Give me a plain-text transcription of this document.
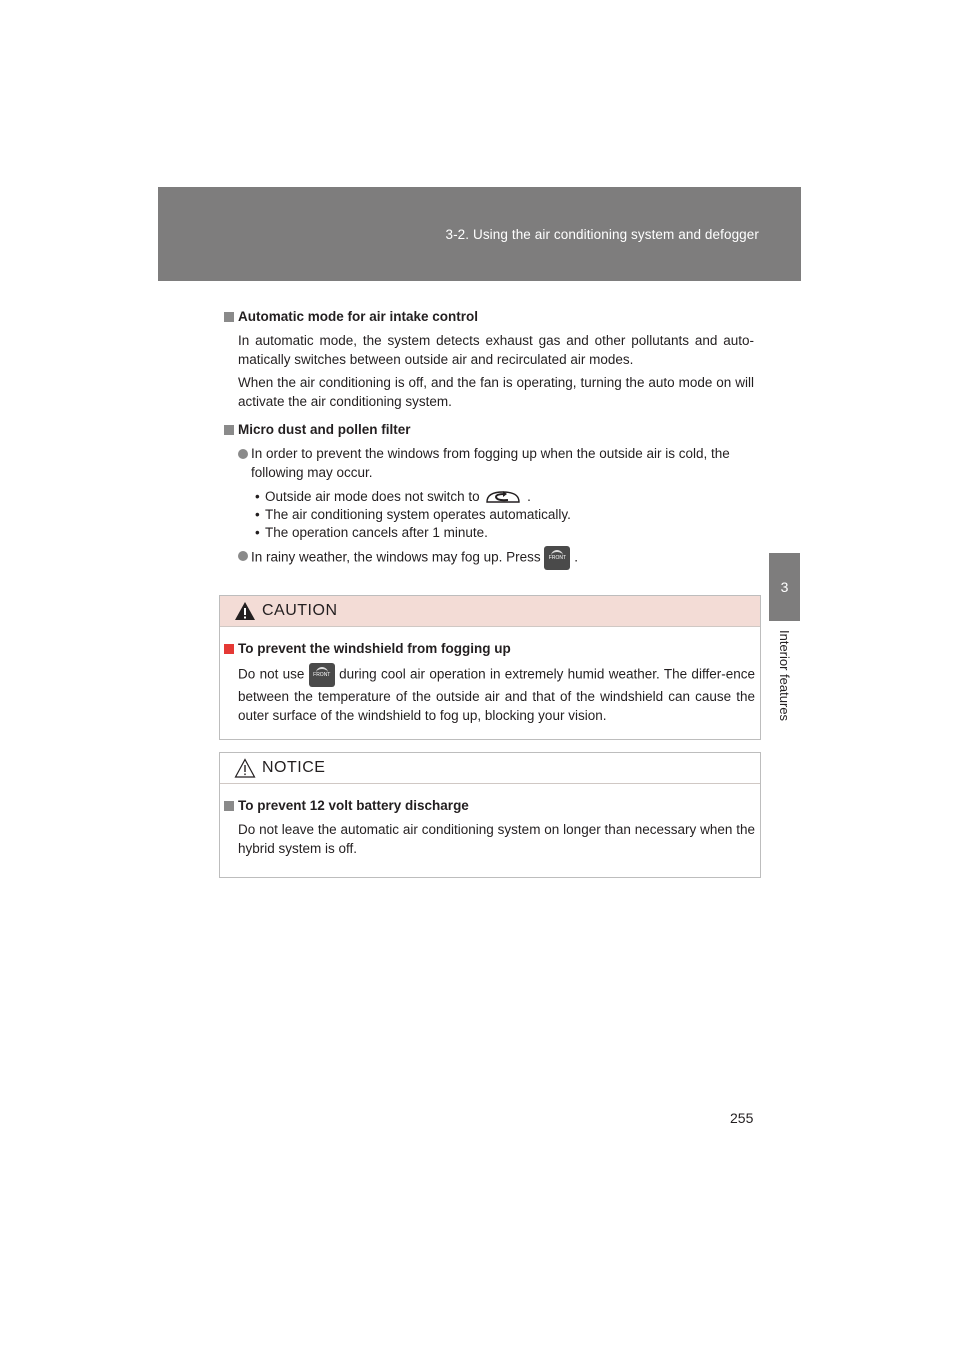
3-2. Using the air conditioning system and defogger
3
Interior features
Automatic mode for air intake control
In automatic mode, the system detects exhaust gas and other pollutants and auto-matically switches between outside air and recirculated air modes.
When the air conditioning is off, and the fan is operating, turning the auto mode on will activate the air conditioning system.
Micro dust and pollen filter
In order to prevent the windows from fogging up when the outside air is cold, the following may occur.
• Outside air mode does not switch to	.
• The air conditioning system operates automatically.
• The operation cancels after 1 minute.
In rainy weather, the windows may fog up. Press	FRONT .
CAUTION
To prevent the windshield from fogging up
Do not use	FRONT during cool air operation in extremely humid weather. The differ-ence between the temperature of the outside air and that of the windshield can cause the outer surface of the windshield to fog up, blocking your vision.
NOTICE
To prevent 12 volt battery discharge
Do not leave the automatic air conditioning system on longer than necessary when the hybrid system is off.
255
